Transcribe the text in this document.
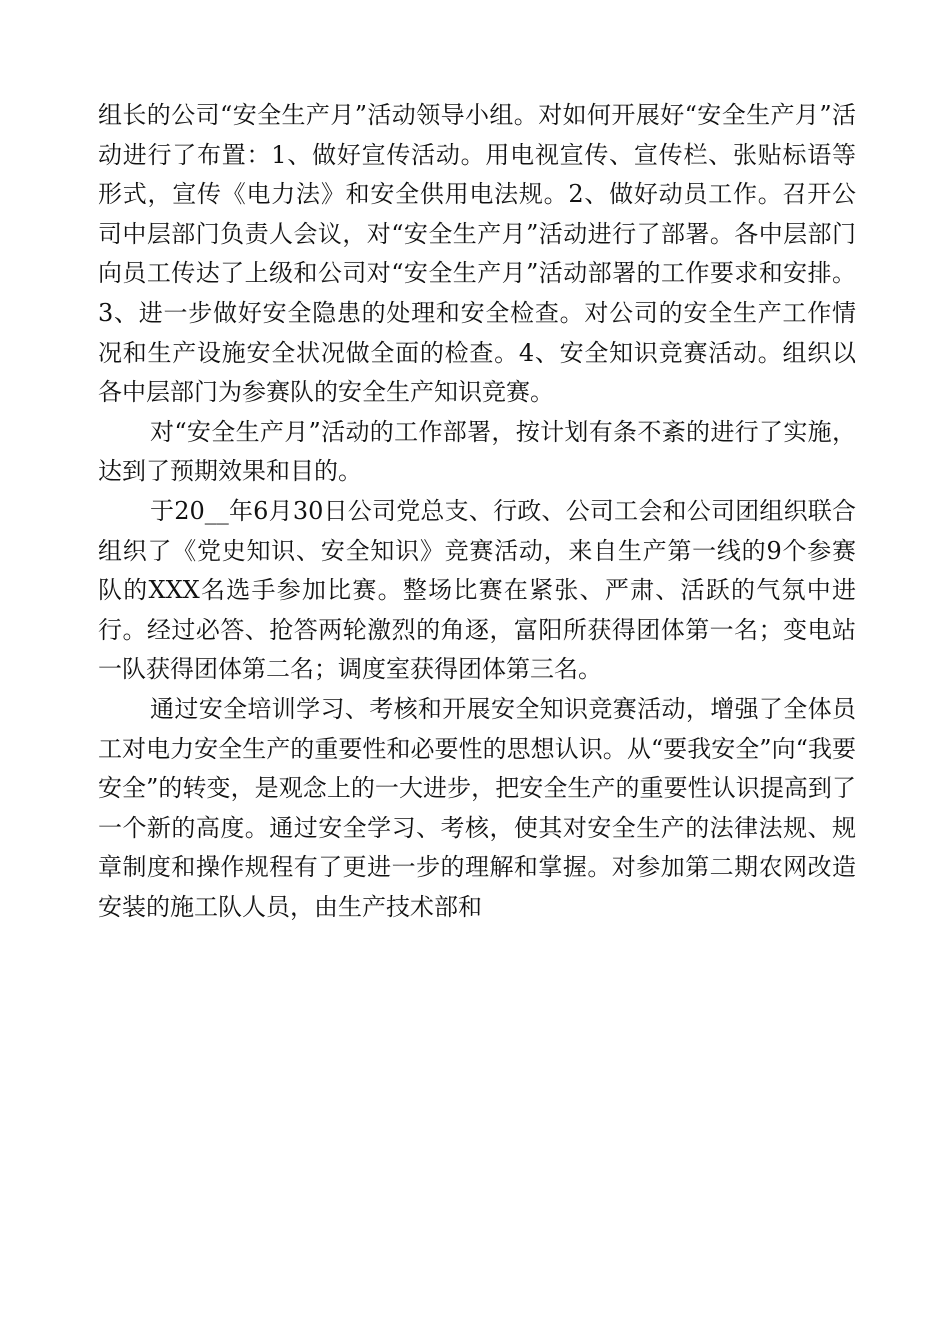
组长的公司“安全生产月”活动领导小组。对如何开展好“安全生产月”活动进行了布置：1、做好宣传活动。用电视宣传、宣传栏、张贴标语等形式，宣传《电力法》和安全供用电法规。2、做好动员工作。召开公司中层部门负责人会议，对“安全生产月”活动进行了部署。各中层部门向员工传达了上级和公司对“安全生产月”活动部署的工作要求和安排。3、进一步做好安全隐患的处理和安全检查。对公司的安全生产工作情况和生产设施安全状况做全面的检查。4、安全知识竞赛活动。组织以各中层部门为参赛队的安全生产知识竞赛。

对“安全生产月”活动的工作部署，按计划有条不紊的进行了实施，达到了预期效果和目的。

于20__年6月30日公司党总支、行政、公司工会和公司团组织联合组织了《党史知识、安全知识》竞赛活动，来自生产第一线的9个参赛队的XXX名选手参加比赛。整场比赛在紧张、严肃、活跃的气氛中进行。经过必答、抢答两轮激烈的角逐，富阳所获得团体第一名；变电站一队获得团体第二名；调度室获得团体第三名。

通过安全培训学习、考核和开展安全知识竞赛活动，增强了全体员工对电力安全生产的重要性和必要性的思想认识。从“要我安全”向“我要安全”的转变，是观念上的一大进步，把安全生产的重要性认识提高到了一个新的高度。通过安全学习、考核，使其对安全生产的法律法规、规章制度和操作规程有了更进一步的理解和掌握。对参加第二期农网改造安装的施工队人员，由生产技术部和
